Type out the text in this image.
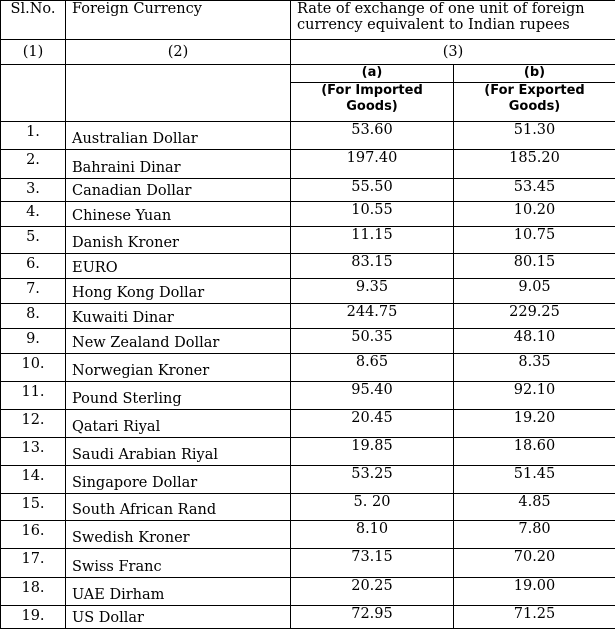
Sl.No.	Foreign Currency	Rate of exchange of one unit of foreign currency equivalent to Indian rupees	
(1)	(2)	(3)	
		(a)	(b)
		(For Imported Goods)	(For Exported Goods)
1.	Australian Dollar	53.60	51.30
2.	Bahraini Dinar	197.40	185.20
3.	Canadian Dollar	55.50	53.45
4.	Chinese Yuan	10.55	10.20
5.	Danish Kroner	11.15	10.75
6.	EURO	83.15	80.15
7.	Hong Kong Dollar	9.35	9.05
8.	Kuwaiti Dinar	244.75	229.25
9.	New Zealand Dollar	50.35	48.10
10.	Norwegian Kroner	8.65	8.35
11.	Pound Sterling	95.40	92.10
12.	Qatari Riyal	20.45	19.20
13.	Saudi Arabian Riyal	19.85	18.60
14.	Singapore Dollar	53.25	51.45
15.	South African Rand	5. 20	4.85
16.	Swedish Kroner	8.10	7.80
17.	Swiss Franc	73.15	70.20
18.	UAE Dirham	20.25	19.00
19.	US Dollar	72.95	71.25
